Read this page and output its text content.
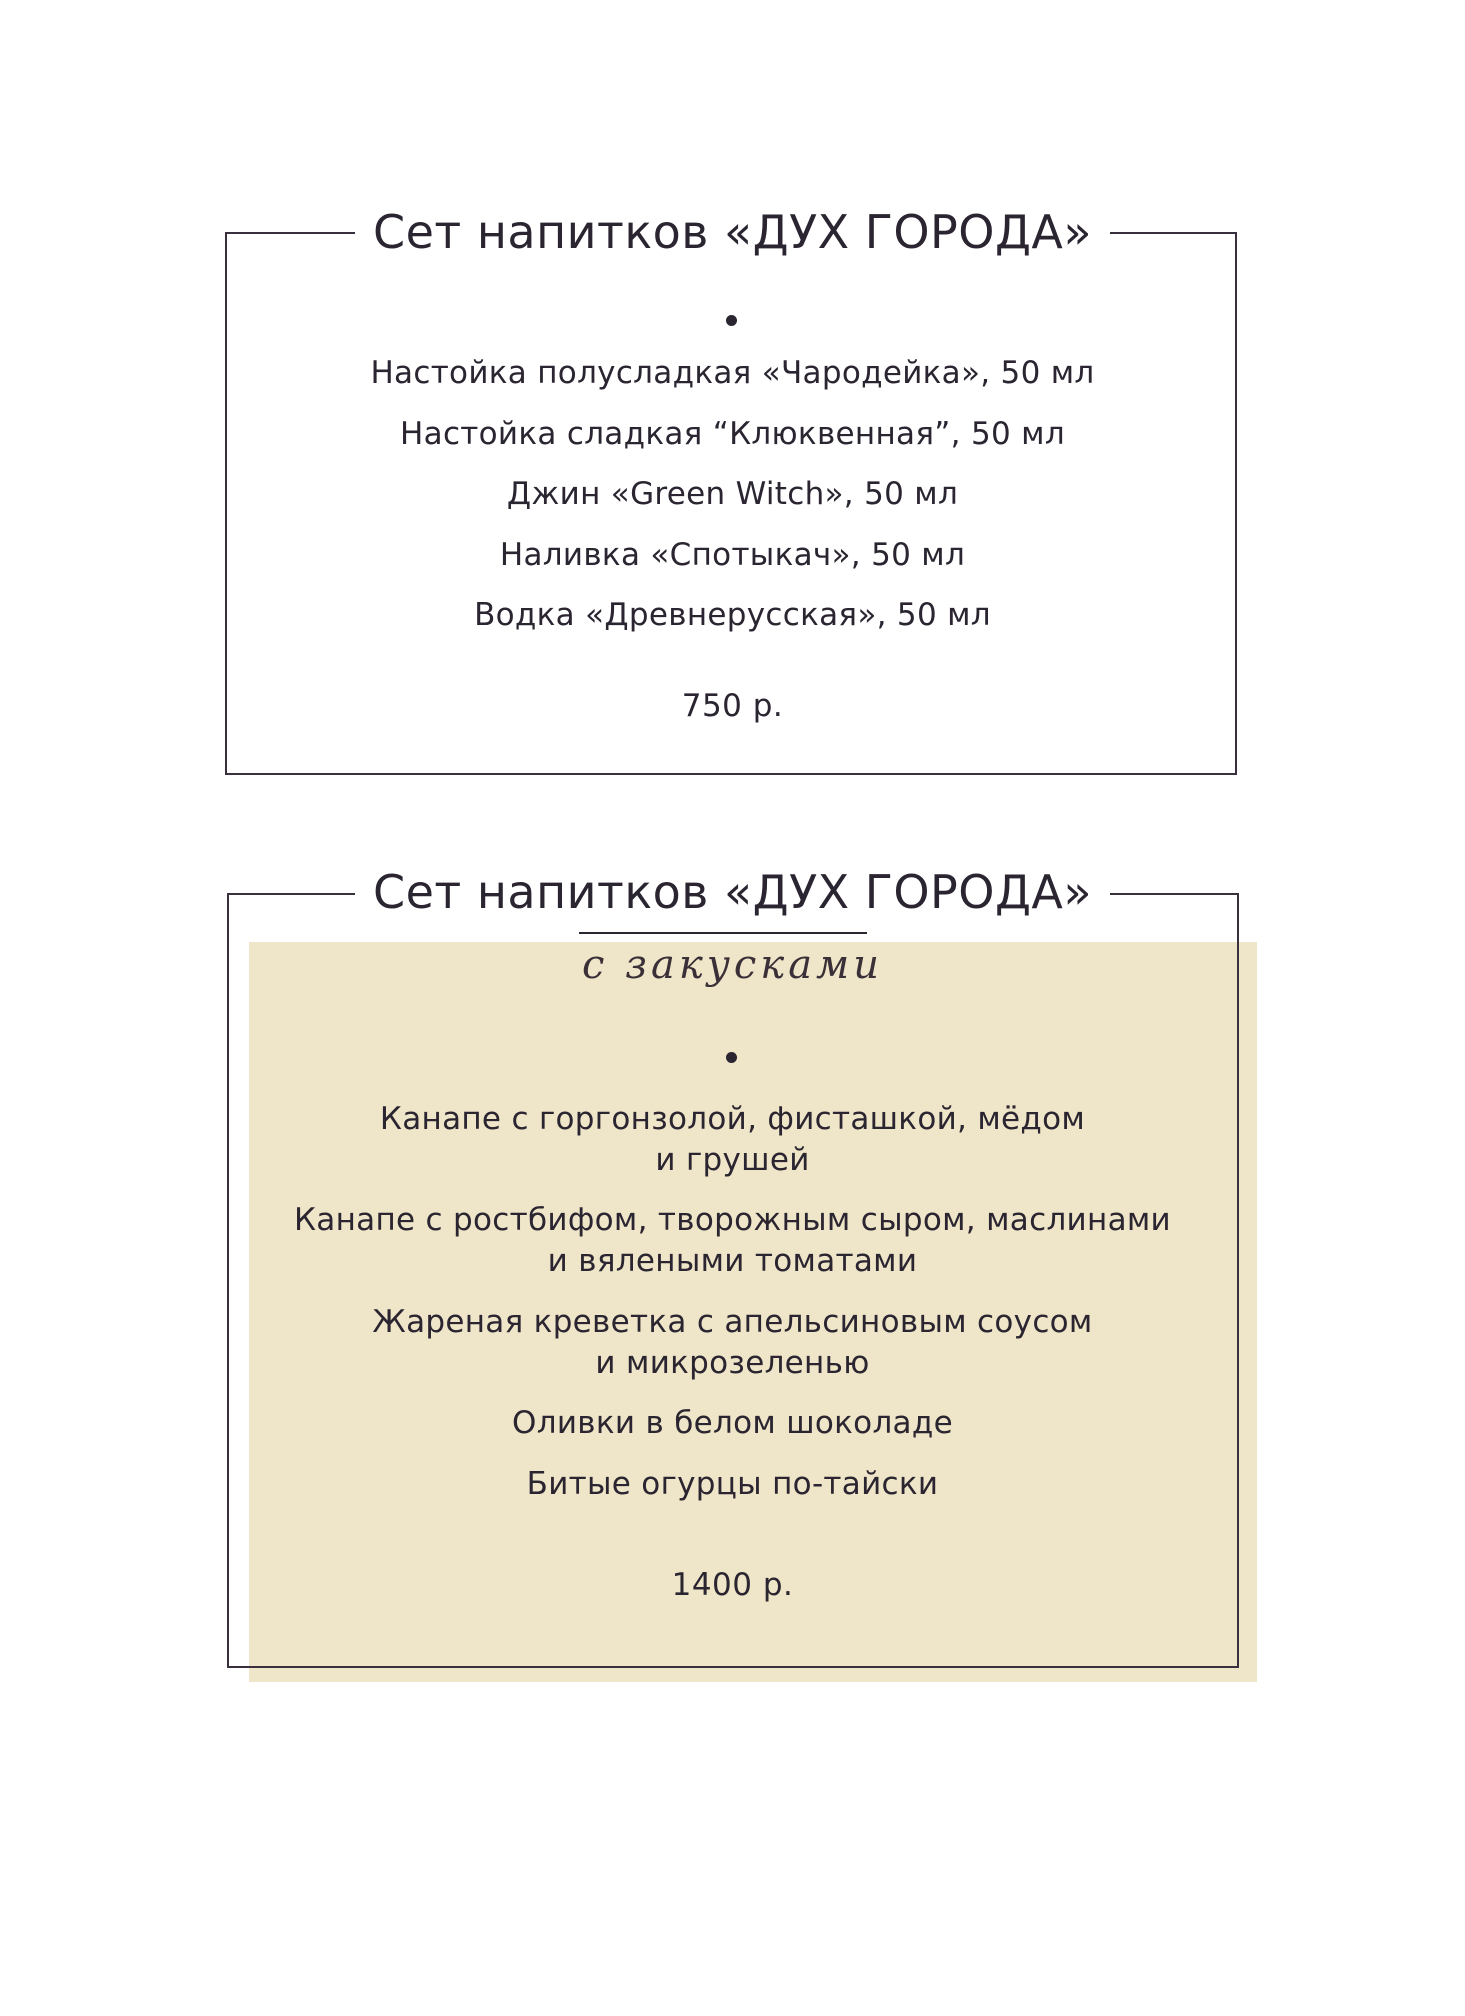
Сет напитков «ДУХ ГОРОДА»
Настойка полусладкая «Чародейка», 50 мл
Настойка сладкая “Клюквенная”, 50 мл
Джин «Green Witch», 50 мл
Наливка «Спотыкач», 50 мл
Водка «Древнерусская», 50 мл
750 р.
Сет напитков «ДУХ ГОРОДА»
с закусками
Канапе с горгонзолой, фисташкой, мёдом
и грушей
Канапе с ростбифом, творожным сыром, маслинами
и вялеными томатами
Жареная креветка с апельсиновым соусом
и микрозеленью
Оливки в белом шоколаде
Битые огурцы по-тайски
1400 р.
